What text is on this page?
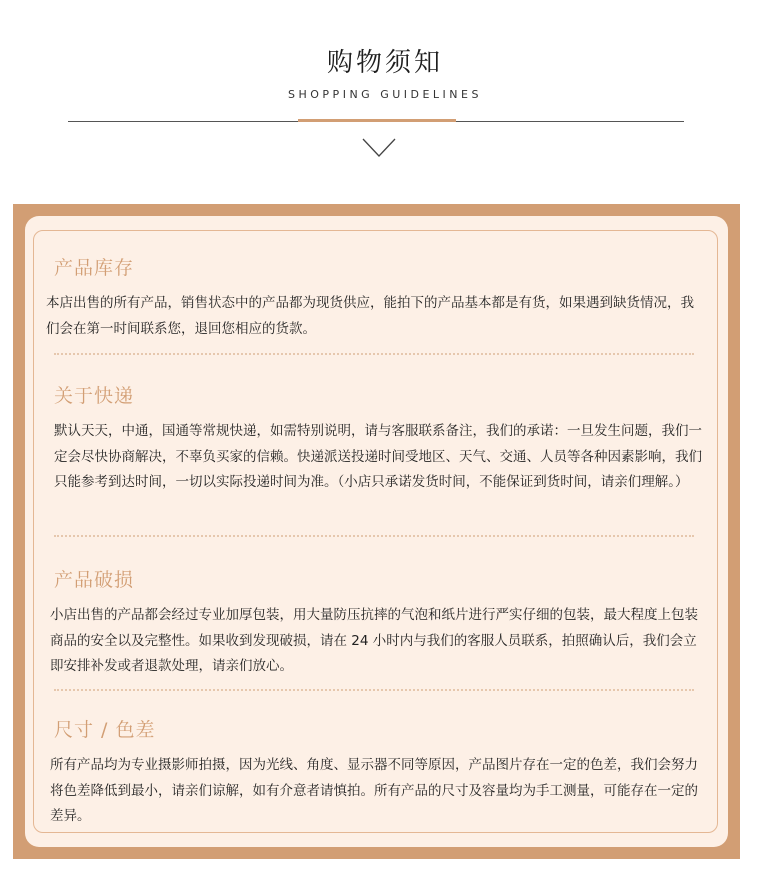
购物须知
SHOPPING GUIDELINES
产品库存
本店出售的所有产品，销售状态中的产品都为现货供应，能拍下的产品基本都是有货，如果遇到缺货情况，我们会在第一时间联系您，退回您相应的货款。
关于快递
默认天天，中通，国通等常规快递，如需特别说明，请与客服联系备注，我们的承诺：一旦发生问题，我们一定会尽快协商解决，不辜负买家的信赖。快递派送投递时间受地区、天气、交通、人员等各种因素影响，我们只能参考到达时间，一切以实际投递时间为准。（小店只承诺发货时间，不能保证到货时间，请亲们理解。）
产品破损
小店出售的产品都会经过专业加厚包装，用大量防压抗摔的气泡和纸片进行严实仔细的包装，最大程度上包装商品的安全以及完整性。如果收到发现破损，请在 24 小时内与我们的客服人员联系，拍照确认后，我们会立即安排补发或者退款处理，请亲们放心。
尺寸 / 色差
所有产品均为专业摄影师拍摄，因为光线、角度、显示器不同等原因，产品图片存在一定的色差，我们会努力将色差降低到最小，请亲们谅解，如有介意者请慎拍。所有产品的尺寸及容量均为手工测量，可能存在一定的差异。
